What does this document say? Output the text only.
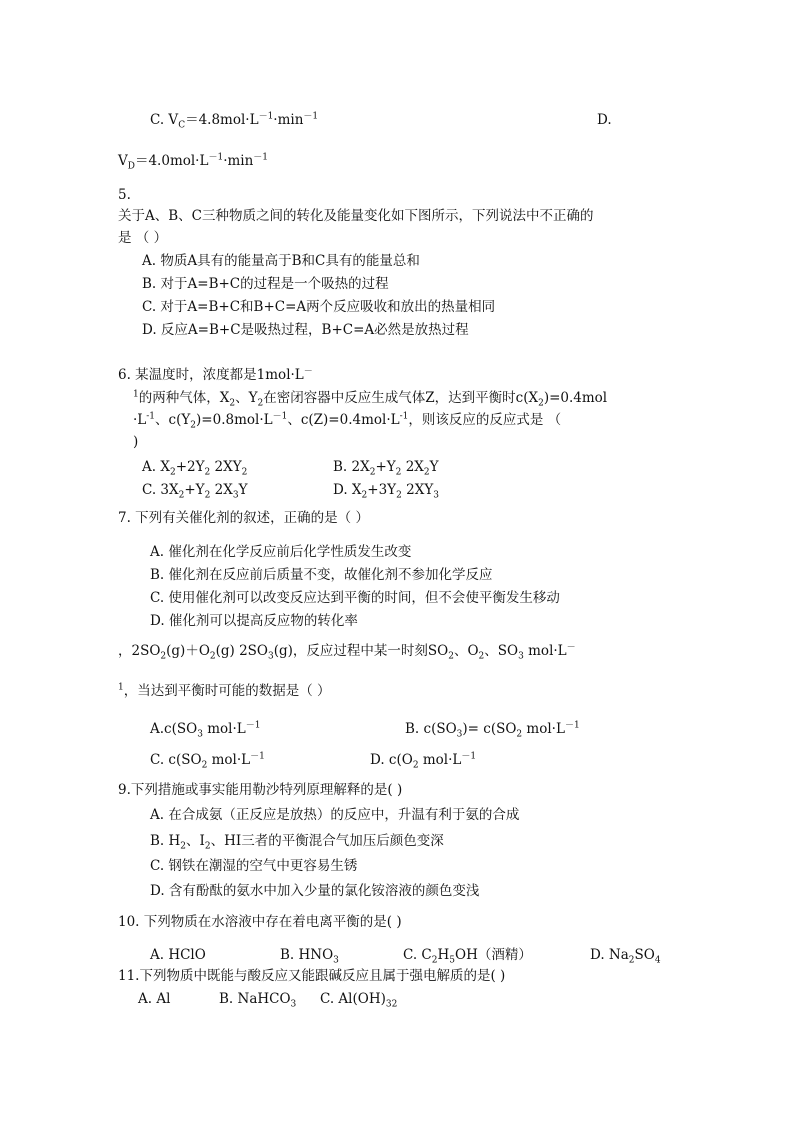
C. $V_C=4.8mol\cdot L^{-1}\cdot\min^{-1}$	D.
$V_D=4.0mol\cdot L^{-1}\cdot\min^{-1}$
5.
关于A、B、C三种物质之间的转化及能量变化如下图所示，下列说法中不正确的
是 （ ）
A. 物质A具有的能量高于B和C具有的能量总和
B. 对于A=B+C的过程是一个吸热的过程
C. 对于A=B+C和B+C=A两个反应吸收和放出的热量相同
D. 反应A=B+C是吸热过程，B+C=A必然是放热过程
6. 某温度时，浓度都是1mol·L－
$^1$的两种气体，$X_2$、$Y_2$在密闭容器中反应生成气体Z，达到平衡时$c(X_2)=0.4mol$
$\cdot L^{-1}$、$c(Y_2)=0.8mol\cdot L^{-1}$、$c(Z)=0.4mol\cdot L^{-1}$，则该反应的反应式是 （
)
A. $X_2+2Y_2$ $2XY_2$	B. $2X_2+Y_2$ $2X_2Y$
C. $3X_2+Y_2$ $2X_3Y$	D. $X_2+3Y_2$ $2XY_3$
7. 下列有关催化剂的叙述，正确的是（ ）
A. 催化剂在化学反应前后化学性质发生改变
B. 催化剂在反应前后质量不变，故催化剂不参加化学反应
C. 使用催化剂可以改变反应达到平衡的时间，但不会使平衡发生移动
D. 催化剂可以提高反应物的转化率
，$2SO_2(g)+O_2(g)$ $2SO_3(g)$，反应过程中某一时刻$SO_2$、$O_2$、$SO_3$ mol·L－
$^1$，当达到平衡时可能的数据是（ ）
$A.c(SO_3$ $mol\cdot L^{-1}$	B. $c(SO_3)= c(SO_2$ $mol\cdot L^{-1}$
C. $c(SO_2$ $mol\cdot L^{-1}$	D. $c(O_2$ $mol\cdot L^{-1}$
9.下列措施或事实能用勒沙特列原理解释的是( )
A. 在合成氨（正反应是放热）的反应中，升温有利于氨的合成
B. $H_2$、$I_2$、HI三者的平衡混合气加压后颜色变深
C. 钢铁在潮湿的空气中更容易生锈
D. 含有酚酞的氨水中加入少量的氯化铵溶液的颜色变浅
10. 下列物质在水溶液中存在着电离平衡的是( )
A. HClO	B. $HNO_3$	C. $C_2H_5OH$（酒精）	D. $Na_2SO_4$
11.下列物质中既能与酸反应又能跟碱反应且属于强电解质的是( )
A. Al	B. NaHCO$_3$ C. $Al(OH)_{32}$
